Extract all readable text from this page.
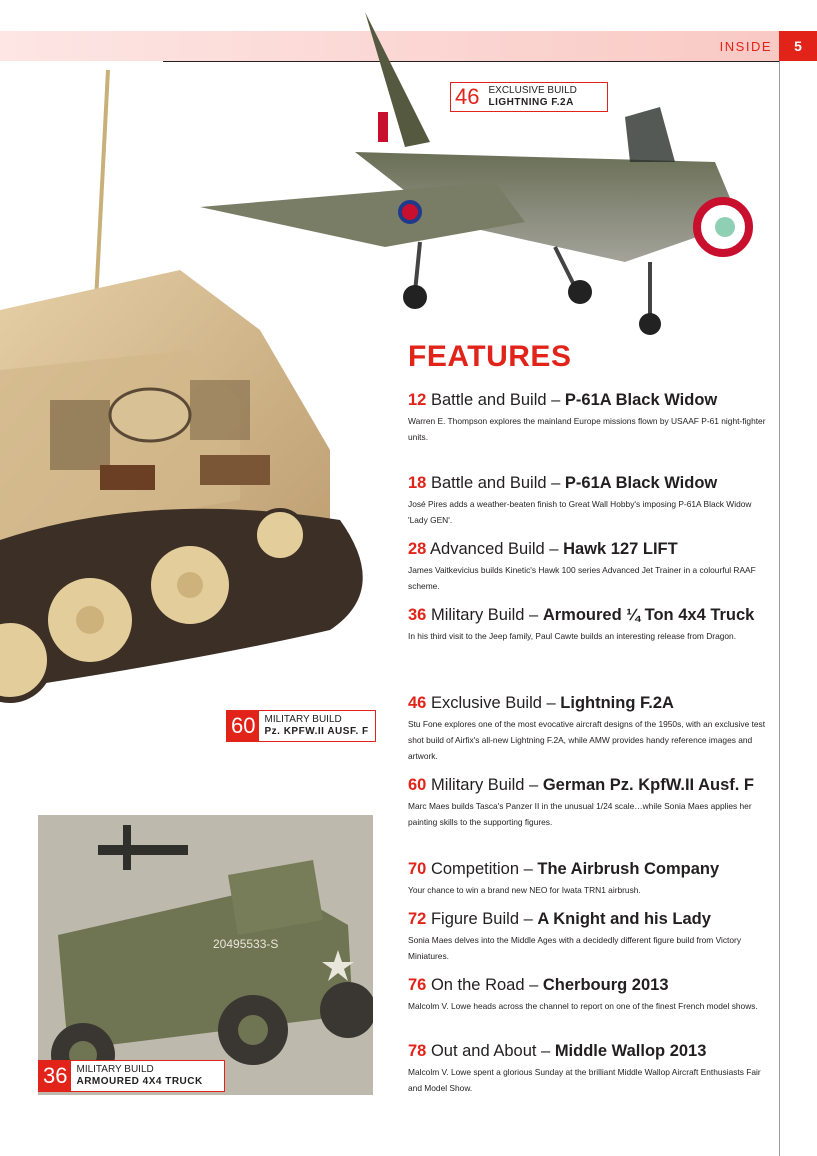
INSIDE	5
20495533-S
46 EXCLUSIVE BUILD
LIGHTNING F.2A
60 MILITARY BUILD
Pz. KPFW.II AUSF. F
36 MILITARY BUILD
ARMOURED 4X4 TRUCK
FEATURES
12 Battle and Build – P-61A Black Widow
Warren E. Thompson explores the mainland Europe missions flown by USAAF P-61 night-fighter units.
18 Battle and Build – P-61A Black Widow
José Pires adds a weather-beaten finish to Great Wall Hobby's imposing P-61A Black Widow 'Lady GEN'.
28 Advanced Build – Hawk 127 LIFT
James Vaitkevicius builds Kinetic's Hawk 100 series Advanced Jet Trainer in a colourful RAAF scheme.
36 Military Build – Armoured ¼ Ton 4x4 Truck
In his third visit to the Jeep family, Paul Cawte builds an interesting release from Dragon.
46 Exclusive Build – Lightning F.2A
Stu Fone explores one of the most evocative aircraft designs of the 1950s, with an exclusive test shot build of Airfix's all-new Lightning F.2A, while AMW provides handy reference images and artwork.
60 Military Build – German Pz. KpfW.II Ausf. F
Marc Maes builds Tasca's Panzer II in the unusual 1/24 scale…while Sonia Maes applies her painting skills to the supporting figures.
70 Competition – The Airbrush Company
Your chance to win a brand new NEO for Iwata TRN1 airbrush.
72 Figure Build – A Knight and his Lady
Sonia Maes delves into the Middle Ages with a decidedly different figure build from Victory Miniatures.
76 On the Road – Cherbourg 2013
Malcolm V. Lowe heads across the channel to report on one of the finest French model shows.
78 Out and About – Middle Wallop 2013
Malcolm V. Lowe spent a glorious Sunday at the brilliant Middle Wallop Aircraft Enthusiasts Fair and Model Show.
